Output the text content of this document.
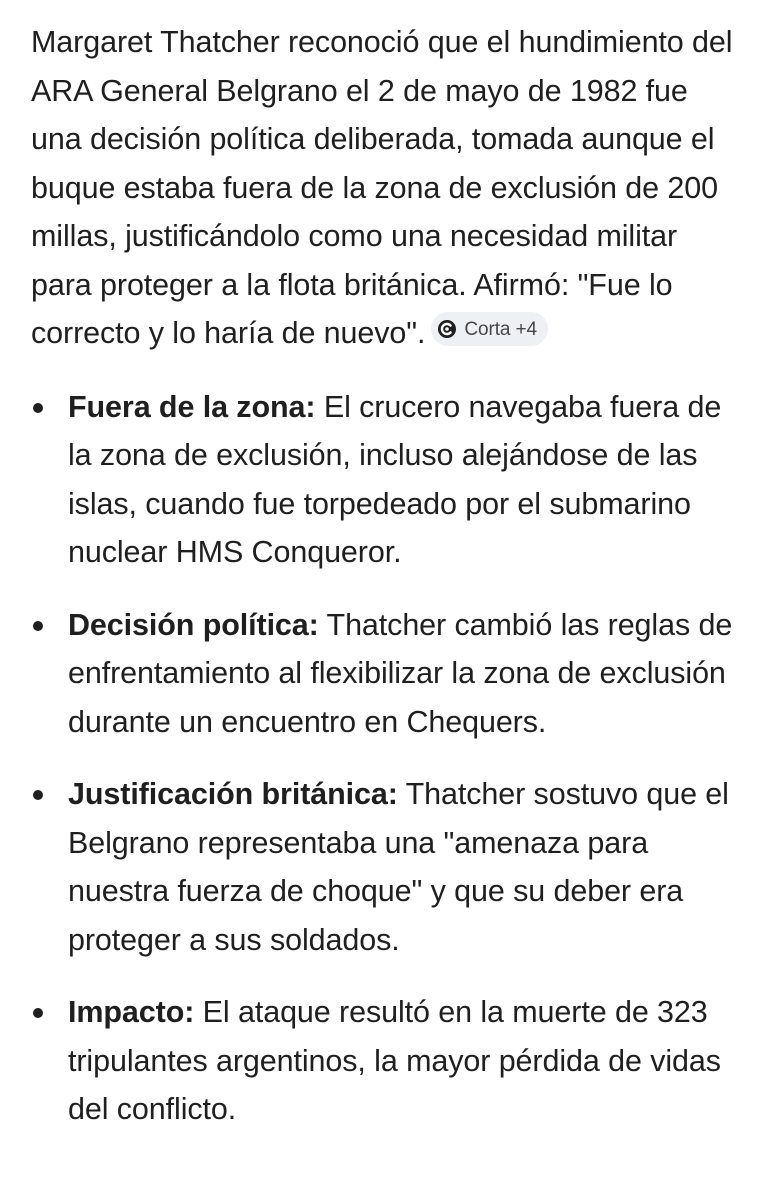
Margaret Thatcher reconoció que el hundimiento del ARA General Belgrano el 2 de mayo de 1982 fue una decisión política deliberada, tomada aunque el buque estaba fuera de la zona de exclusión de 200 millas, justificándolo como una necesidad militar para proteger a la flota británica. Afirmó: "Fue lo correcto y lo haría de nuevo". Corta +4

Fuera de la zona: El crucero navegaba fuera de la zona de exclusión, incluso alejándose de las islas, cuando fue torpedeado por el submarino nuclear HMS Conqueror.
Decisión política: Thatcher cambió las reglas de enfrentamiento al flexibilizar la zona de exclusión durante un encuentro en Chequers.
Justificación británica: Thatcher sostuvo que el Belgrano representaba una "amenaza para nuestra fuerza de choque" y que su deber era proteger a sus soldados.
Impacto: El ataque resultó en la muerte de 323 tripulantes argentinos, la mayor pérdida de vidas del conflicto.
